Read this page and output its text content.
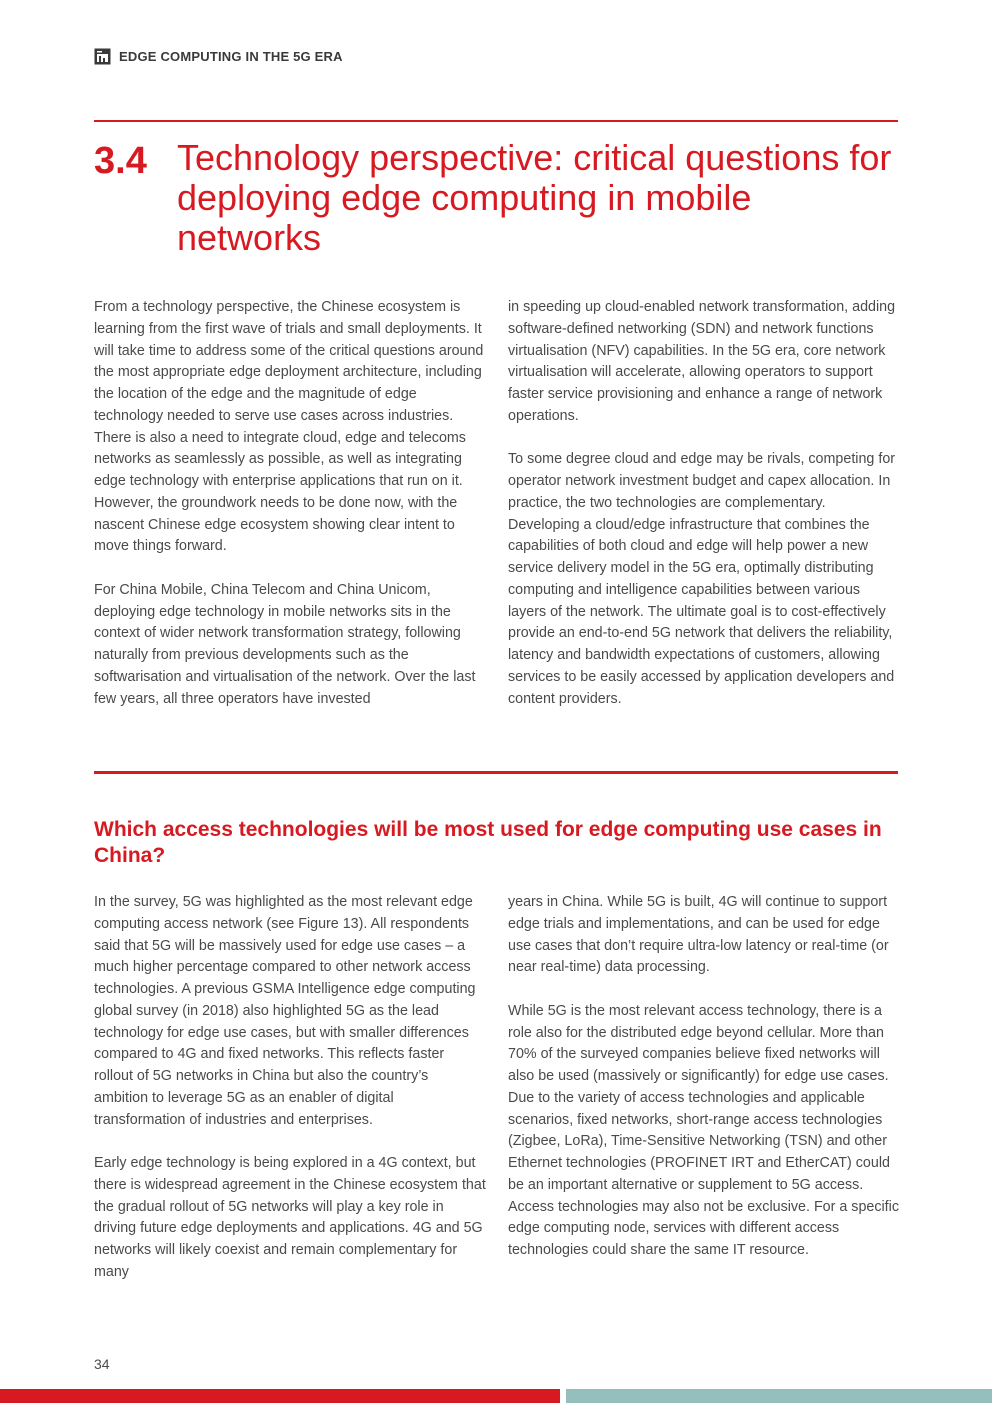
EDGE COMPUTING IN THE 5G ERA
3.4 Technology perspective: critical questions for deploying edge computing in mobile networks

From a technology perspective, the Chinese ecosystem is learning from the first wave of trials and small deployments. It will take time to address some of the critical questions around the most appropriate edge deployment architecture, including the location of the edge and the magnitude of edge technology needed to serve use cases across industries. There is also a need to integrate cloud, edge and telecoms networks as seamlessly as possible, as well as integrating edge technology with enterprise applications that run on it. However, the groundwork needs to be done now, with the nascent Chinese edge ecosystem showing clear intent to move things forward.

For China Mobile, China Telecom and China Unicom, deploying edge technology in mobile networks sits in the context of wider network transformation strategy, following naturally from previous developments such as the softwarisation and virtualisation of the network. Over the last few years, all three operators have invested

in speeding up cloud-enabled network transformation, adding software-defined networking (SDN) and network functions virtualisation (NFV) capabilities. In the 5G era, core network virtualisation will accelerate, allowing operators to support faster service provisioning and enhance a range of network operations.

To some degree cloud and edge may be rivals, competing for operator network investment budget and capex allocation. In practice, the two technologies are complementary. Developing a cloud/edge infrastructure that combines the capabilities of both cloud and edge will help power a new service delivery model in the 5G era, optimally distributing computing and intelligence capabilities between various layers of the network. The ultimate goal is to cost-effectively provide an end-to-end 5G network that delivers the reliability, latency and bandwidth expectations of customers, allowing services to be easily accessed by application developers and content providers.

Which access technologies will be most used for edge computing use cases in China?

In the survey, 5G was highlighted as the most relevant edge computing access network (see Figure 13). All respondents said that 5G will be massively used for edge use cases – a much higher percentage compared to other network access technologies. A previous GSMA Intelligence edge computing global survey (in 2018) also highlighted 5G as the lead technology for edge use cases, but with smaller differences compared to 4G and fixed networks. This reflects faster rollout of 5G networks in China but also the country’s ambition to leverage 5G as an enabler of digital transformation of industries and enterprises.

Early edge technology is being explored in a 4G context, but there is widespread agreement in the Chinese ecosystem that the gradual rollout of 5G networks will play a key role in driving future edge deployments and applications. 4G and 5G networks will likely coexist and remain complementary for many

years in China. While 5G is built, 4G will continue to support edge trials and implementations, and can be used for edge use cases that don’t require ultra-low latency or real-time (or near real-time) data processing.

While 5G is the most relevant access technology, there is a role also for the distributed edge beyond cellular. More than 70% of the surveyed companies believe fixed networks will also be used (massively or significantly) for edge use cases. Due to the variety of access technologies and applicable scenarios, fixed networks, short-range access technologies (Zigbee, LoRa), Time-Sensitive Networking (TSN) and other Ethernet technologies (PROFINET IRT and EtherCAT) could be an important alternative or supplement to 5G access. Access technologies may also not be exclusive. For a specific edge computing node, services with different access technologies could share the same IT resource.

34
